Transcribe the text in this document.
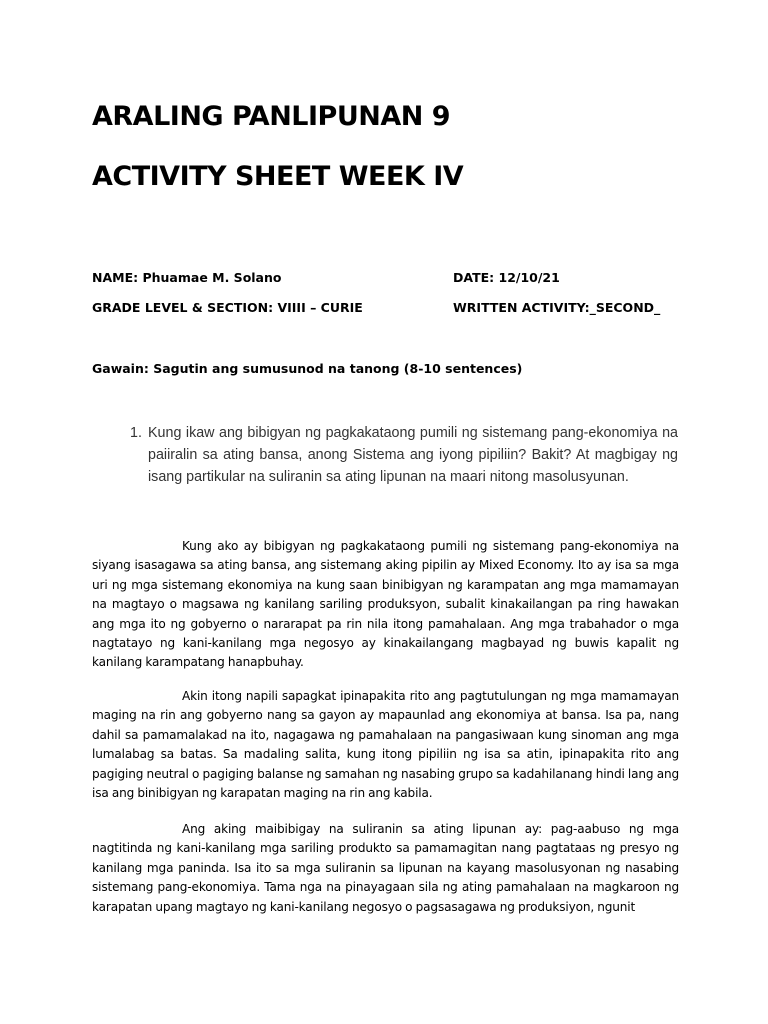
ARALING PANLIPUNAN 9
ACTIVITY SHEET WEEK IV
NAME: Phuamae M. Solano	DATE: 12/10/21
GRADE LEVEL & SECTION: VIIII – CURIE	WRITTEN ACTIVITY:_SECOND_
Gawain: Sagutin ang sumusunod na tanong (8-10 sentences)
1. Kung ikaw ang bibigyan ng pagkakataong pumili ng sistemang pang-ekonomiya na paiiralin sa ating bansa, anong Sistema ang iyong pipiliin? Bakit? At magbigay ng isang partikular na suliranin sa ating lipunan na maari nitong masolusyunan.

Kung ako ay bibigyan ng pagkakataong pumili ng sistemang pang-ekonomiya na siyang isasagawa sa ating bansa, ang sistemang aking pipilin ay Mixed Economy. Ito ay isa sa mga uri ng mga sistemang ekonomiya na kung saan binibigyan ng karampatan ang mga mamamayan na magtayo o magsawa ng kanilang sariling produksyon, subalit kinakailangan pa ring hawakan ang mga ito ng gobyerno o nararapat pa rin nila itong pamahalaan. Ang mga trabahador o mga nagtatayo ng kani-kanilang mga negosyo ay kinakailangang magbayad ng buwis kapalit ng kanilang karampatang hanapbuhay.

Akin itong napili sapagkat ipinapakita rito ang pagtutulungan ng mga mamamayan maging na rin ang gobyerno nang sa gayon ay mapaunlad ang ekonomiya at bansa. Isa pa, nang dahil sa pamamalakad na ito, nagagawa ng pamahalaan na pangasiwaan kung sinoman ang mga lumalabag sa batas. Sa madaling salita, kung itong pipiliin ng isa sa atin, ipinapakita rito ang pagiging neutral o pagiging balanse ng samahan ng nasabing grupo sa kadahilanang hindi lang ang isa ang binibigyan ng karapatan maging na rin ang kabila.

Ang aking maibibigay na suliranin sa ating lipunan ay: pag-aabuso ng mga nagtitinda ng kani-kanilang mga sariling produkto sa pamamagitan nang pagtataas ng presyo ng kanilang mga paninda. Isa ito sa mga suliranin sa lipunan na kayang masolusyonan ng nasabing sistemang pang-ekonomiya. Tama nga na pinayagaan sila ng ating pamahalaan na magkaroon ng karapatan upang magtayo ng kani-kanilang negosyo o pagsasagawa ng produksiyon, ngunit
